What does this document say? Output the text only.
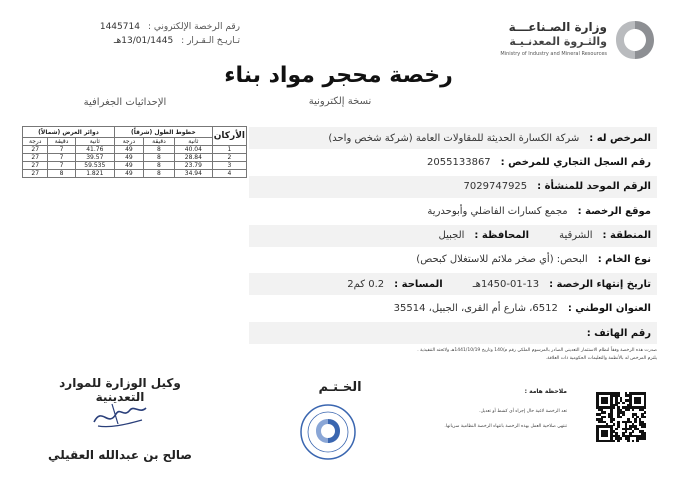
وزارة الصـناعـــة
والثـروة المعدنـيـة
Ministry of Industry and Mineral Resources
رقم الرخصة الإلكتروني :
1445714
تـاريـخ الـقـرار :
13/01/1445هـ
رخصة محجر مواد بناء
نسخة إلكترونية
الإحداثيات الجغرافية
الأركان	خطوط الطول (شرقاً)			دوائر العرض (شمالاً)		
	ثانية	دقيقة	درجة	ثانية	دقيقة	درجة
1	40.04	8	49	41.76	7	27
2	28.84	8	49	39.57	7	27
3	23.79	8	49	59.535	7	27
4	34.94	8	49	1.821	8	27
المرخص له :
شركة الكسارة الحديثة للمقاولات العامة (شركة شخص واحد)
رقم السجل التجاري للمرخص :
2055133867
الرقم الموحد للمنشأة :
7029747925
موقع الرخصة :
مجمع كسارات الفاضلي وأبوحدرية
المنطقة :
الشرقية
المحافظة :
الجبيل
نوع الخام :
البحص: (أي صخر ملائم للاستغلال كبحص)
تاريخ إنتهاء الرخصة :
1450-01-13هـ
المساحة :
0.2 كم2
العنوان الوطني :
6512، شارع أم القرى، الجبيل، 35514
رقم الهاتف :
صدرت هذه الرخصة وفقاً لنظام الاستثمار التعديني الصادر بالمرسوم الملكي رقم م/140 وتاريخ 1441/10/19هـ ولائحته التنفيذية .
يلتزم المرخص له بالأنظمة والتعليمات الحكومية ذات العلاقة.
ملاحظة هامة :
تعد الرخصة لاغية حال إجراء أي كشط أو تعديل.
تنتهي صلاحية العمل بهذه الرخصة بانتهاء الرخصة النظامية سريانها.
الخـتـم
وكيل الوزارة للموارد التعدينية
صالح بن عبدالله العقيلي
